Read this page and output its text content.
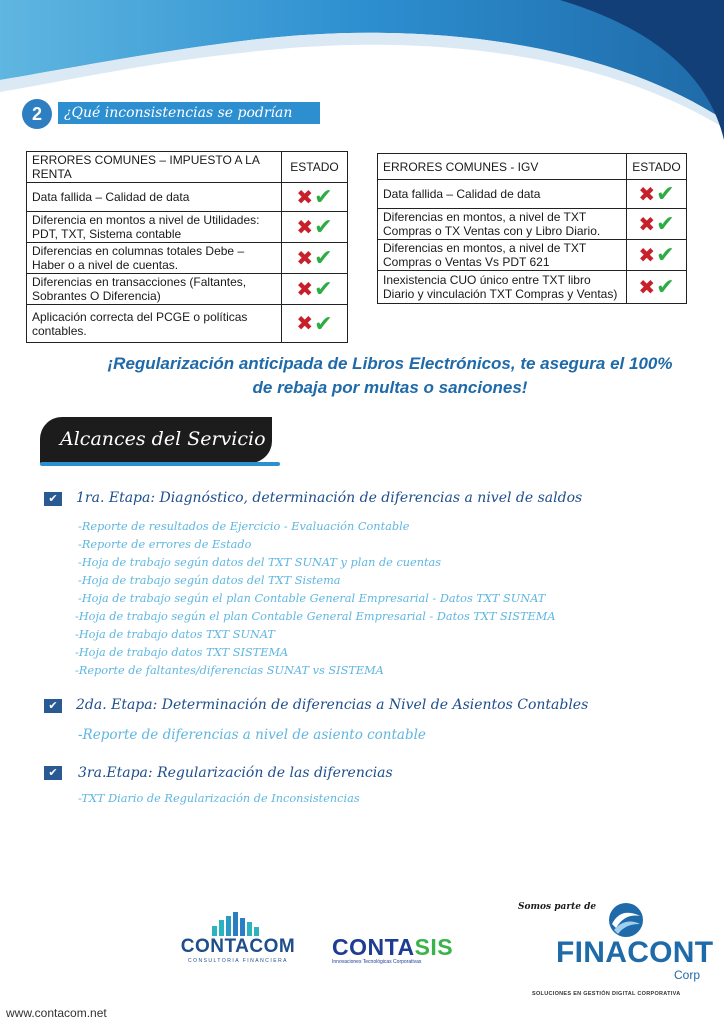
2	¿Qué inconsistencias se podrían dar?
ERRORES COMUNES – IMPUESTO A LA RENTA	ESTADO
Data fallida – Calidad de data	✖✔
Diferencia en montos a nivel de Utilidades: PDT, TXT, Sistema contable	✖✔
Diferencias en columnas totales Debe – Haber o a nivel de cuentas.	✖✔
Diferencias en transacciones (Faltantes, Sobrantes O Diferencia)	✖✔
Aplicación correcta del PCGE o políticas contables.	✖✔
ERRORES COMUNES - IGV	ESTADO
Data fallida – Calidad de data	✖✔
Diferencias en montos, a nivel de TXT Compras o TX Ventas con y Libro Diario.	✖✔
Diferencias en montos, a nivel de TXT Compras o Ventas Vs PDT 621	✖✔
Inexistencia CUO único entre TXT libro Diario y vinculación TXT Compras y Ventas)	✖✔
¡Regularización anticipada de Libros Electrónicos, te asegura el 100%
de rebaja por multas o sanciones!
Alcances del Servicio
✔	1ra. Etapa: Diagnóstico, determinación de diferencias a nivel de saldos
-Reporte de resultados de Ejercicio - Evaluación Contable
-Reporte de errores de Estado
-Hoja de trabajo según datos del TXT SUNAT y plan de cuentas
-Hoja de trabajo según datos del TXT Sistema
-Hoja de trabajo según el plan Contable General Empresarial - Datos TXT SUNAT
-Hoja de trabajo según el plan Contable General Empresarial - Datos TXT SISTEMA
-Hoja de trabajo datos TXT SUNAT
-Hoja de trabajo datos TXT SISTEMA
-Reporte de faltantes/diferencias SUNAT vs SISTEMA
✔	2da. Etapa: Determinación de diferencias a Nivel de Asientos Contables
-Reporte de diferencias a nivel de asiento contable
✔	3ra.Etapa: Regularización de las diferencias
-TXT Diario de Regularización de Inconsistencias
Somos parte de
CONTACOM
CONSULTORIA FINANCIERA
CONTASIS
Innovaciones Tecnológicas Corporativas	FINACONT
Corp
SOLUCIONES EN GESTIÓN DIGITAL CORPORATIVA
www.contacom.net
